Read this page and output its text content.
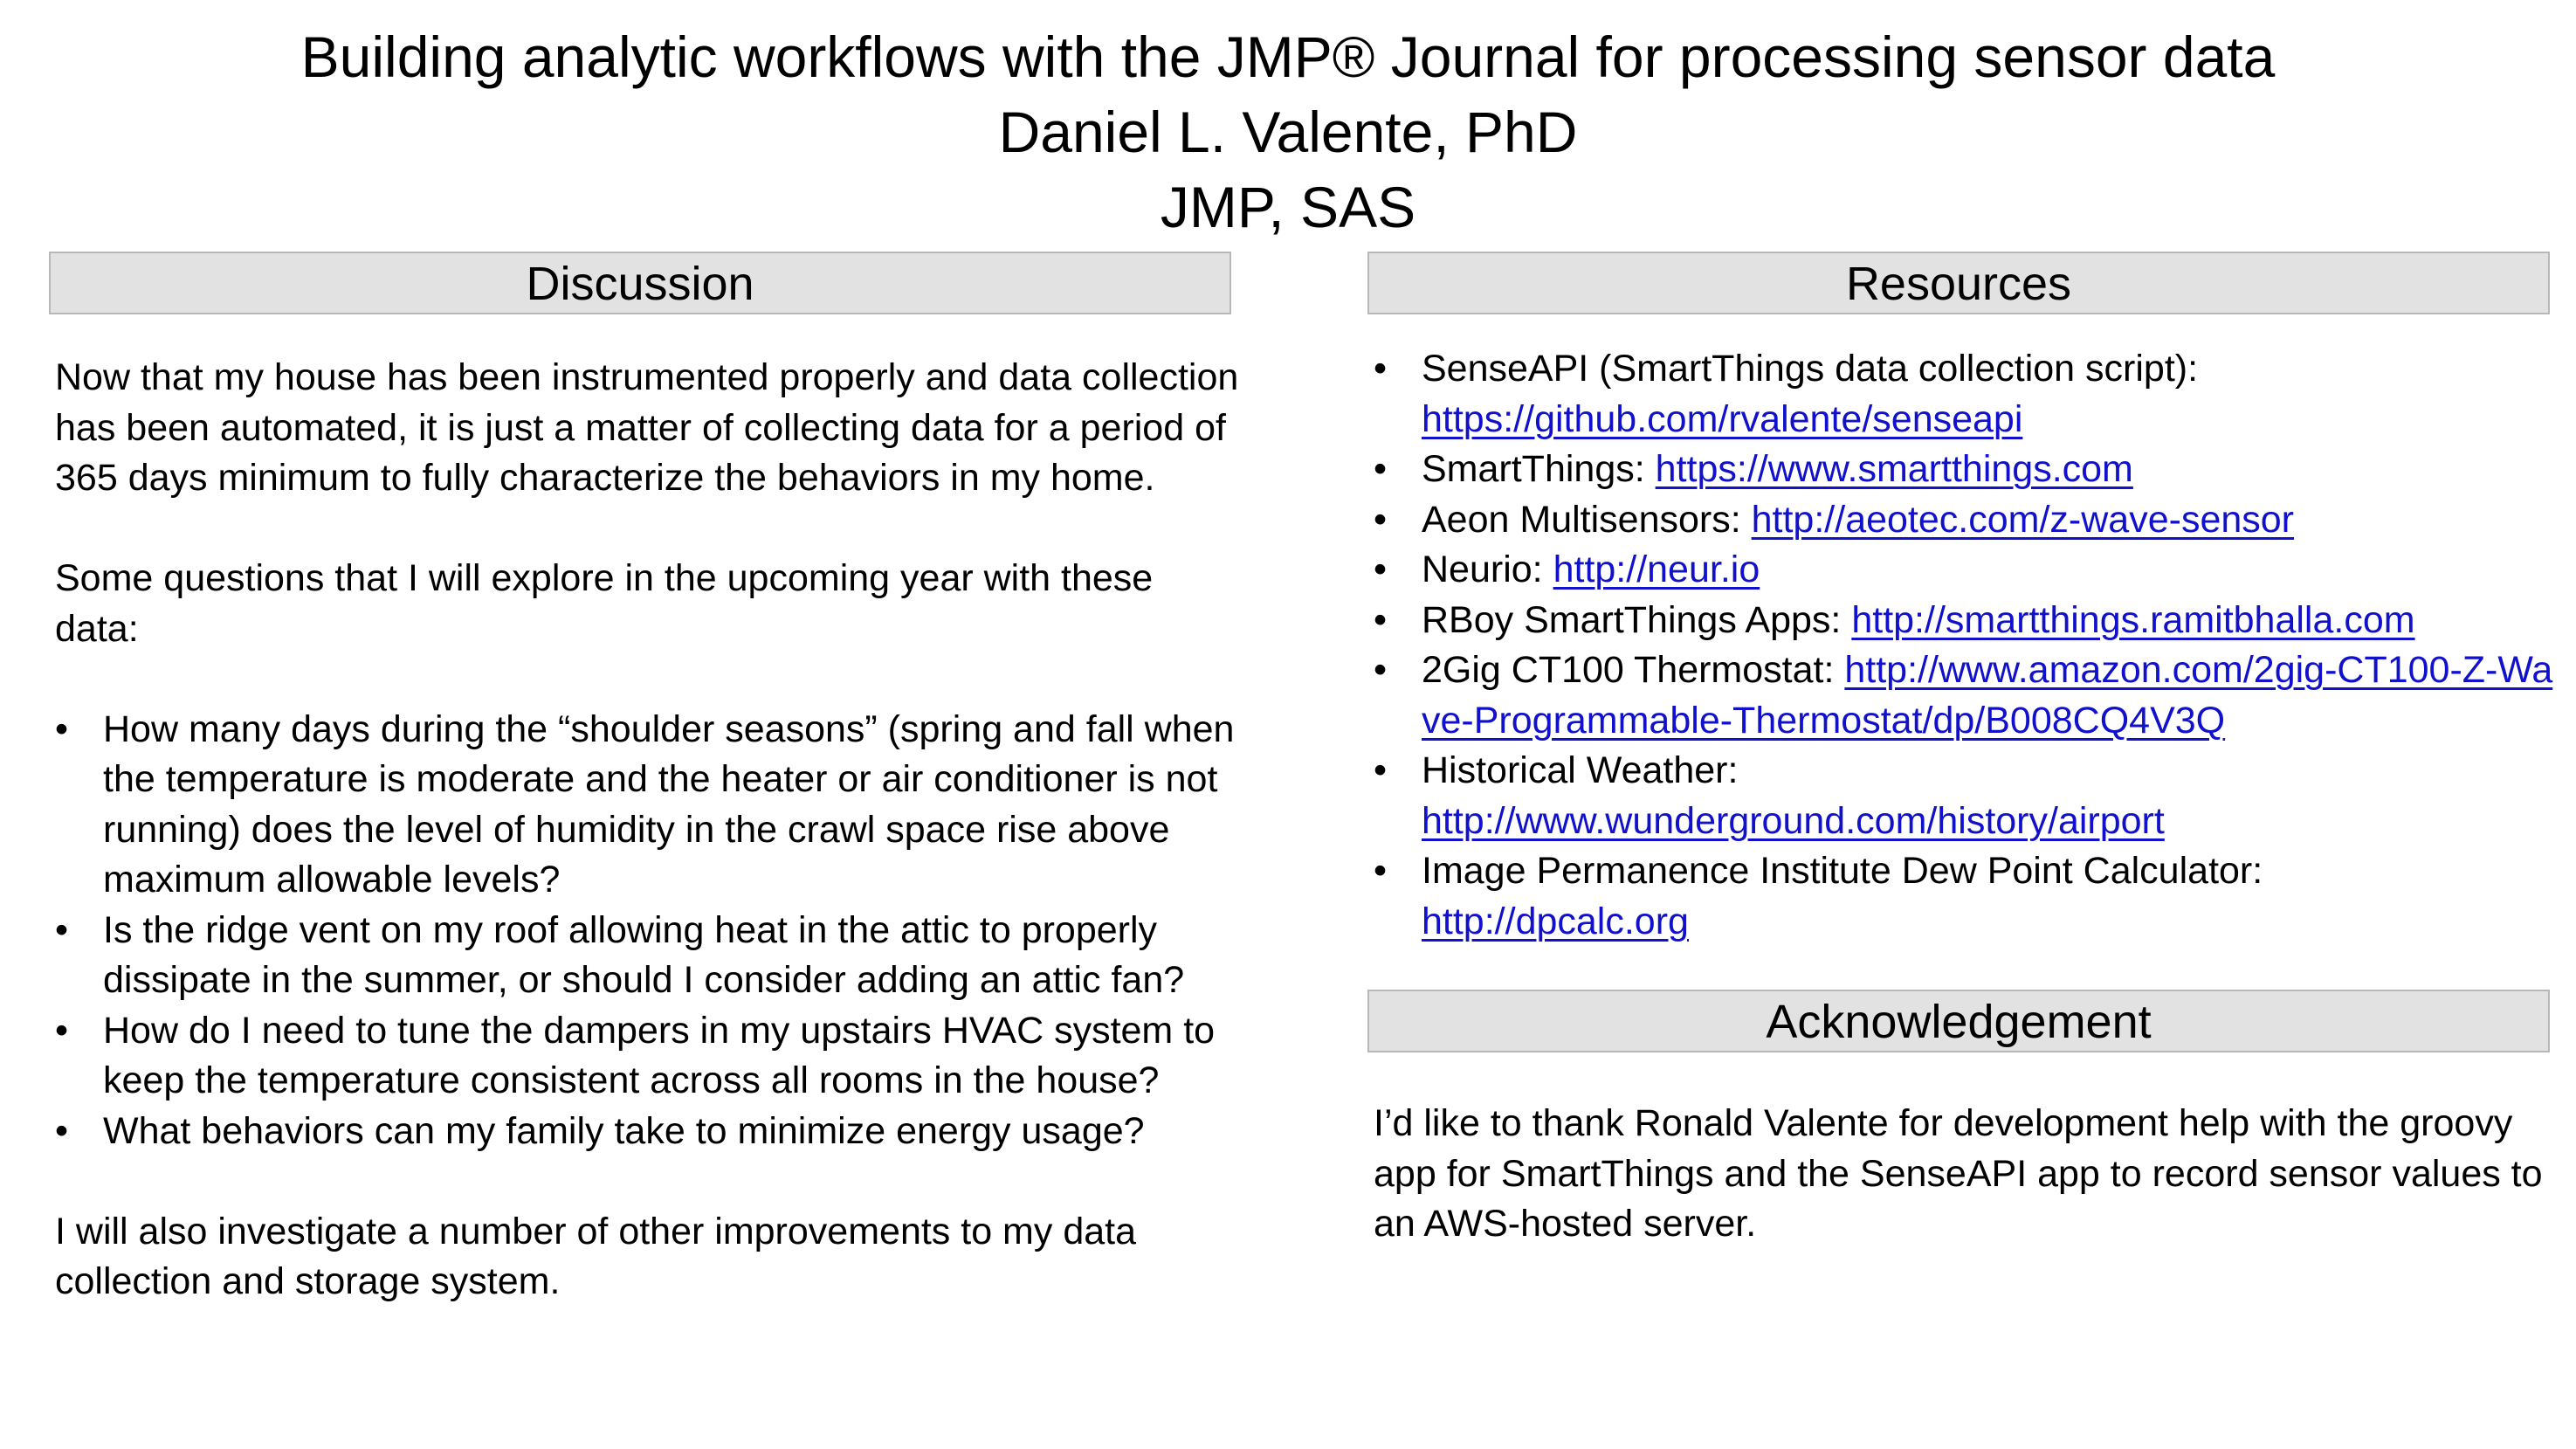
Building analytic workflows with the JMP® Journal for processing sensor data
Daniel L. Valente, PhD
JMP, SAS
Discussion

Now that my house has been instrumented properly and data collection has been automated, it is just a matter of collecting data for a period of 365 days minimum to fully characterize the behaviors in my home.

Some questions that I will explore in the upcoming year with these data:

• How many days during the “shoulder seasons” (spring and fall when the temperature is moderate and the heater or air conditioner is not running) does the level of humidity in the crawl space rise above maximum allowable levels?
• Is the ridge vent on my roof allowing heat in the attic to properly dissipate in the summer, or should I consider adding an attic fan?
• How do I need to tune the dampers in my upstairs HVAC system to keep the temperature consistent across all rooms in the house?
• What behaviors can my family take to minimize energy usage?

I will also investigate a number of other improvements to my data collection and storage system.

Resources
• SenseAPI (SmartThings data collection script):
https://github.com/rvalente/senseapi
• SmartThings: https://www.smartthings.com
• Aeon Multisensors: http://aeotec.com/z-wave-sensor
• Neurio: http://neur.io
• RBoy SmartThings Apps: http://smartthings.ramitbhalla.com
• 2Gig CT100 Thermostat: http://www.amazon.com/2gig-CT100-Z-Wave-Programmable-Thermostat/dp/B008CQ4V3Q
• Historical Weather:
http://www.wunderground.com/history/airport
• Image Permanence Institute Dew Point Calculator:
http://dpcalc.org
Acknowledgement

I’d like to thank Ronald Valente for development help with the groovy app for SmartThings and the SenseAPI app to record sensor values to an AWS-hosted server.
